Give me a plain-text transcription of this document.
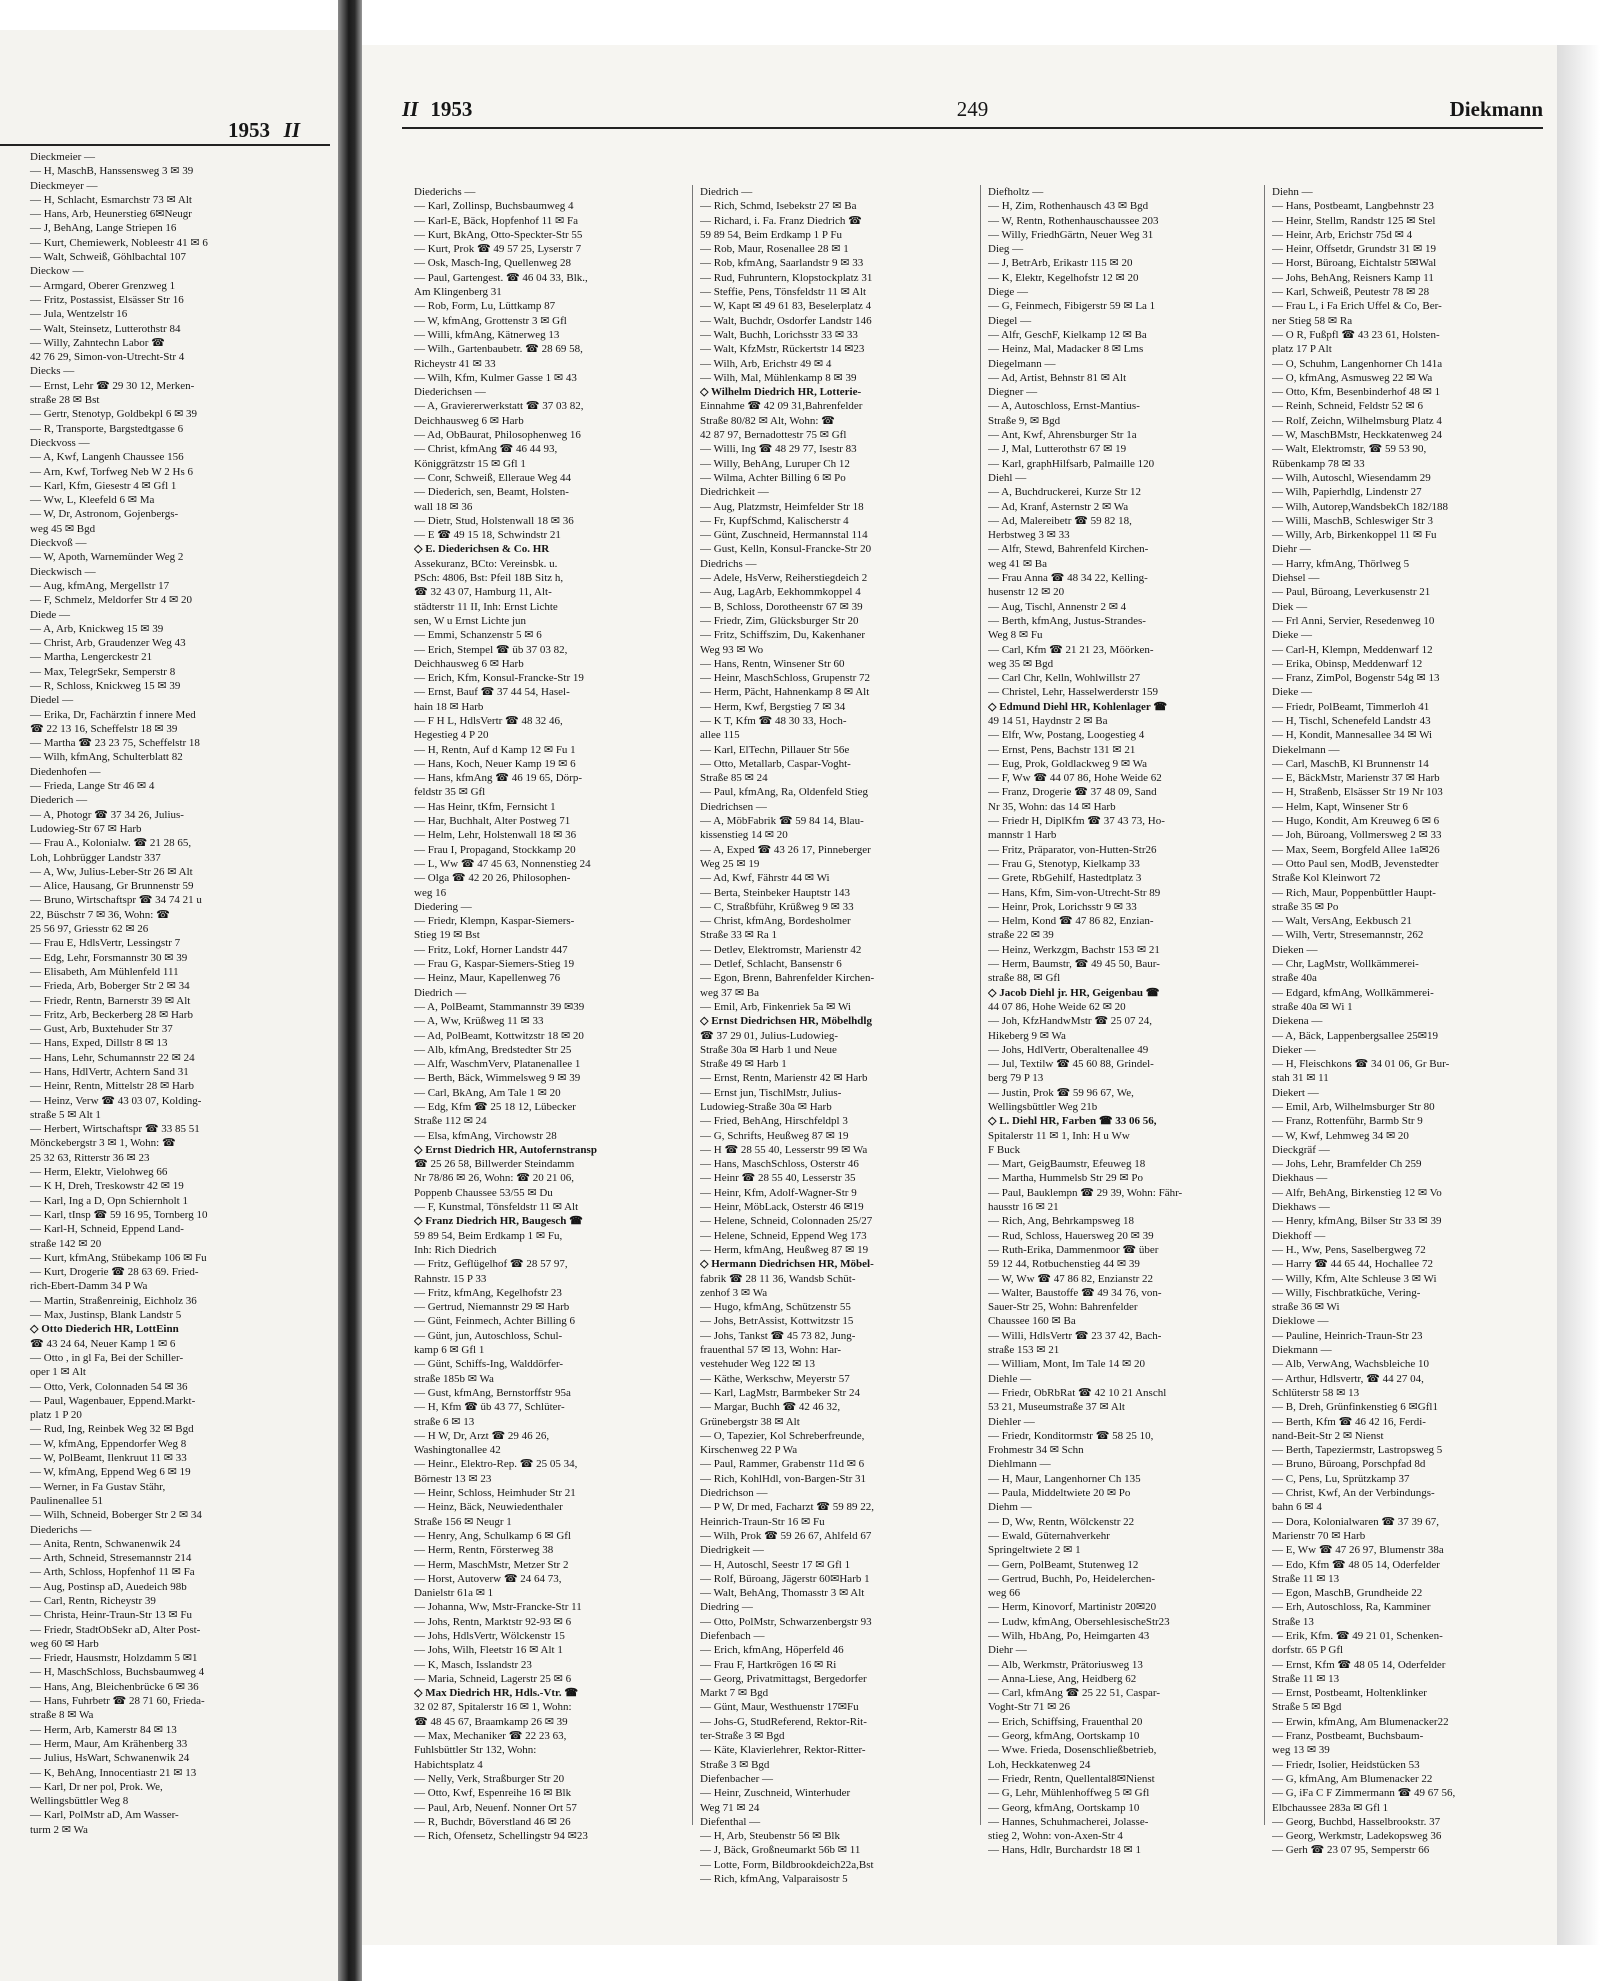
1953 II
Dieckmeier —
— H, MaschB, Hanssensweg 3 ✉ 39
Dieckmeyer —
— H, Schlacht, Esmarchstr 73 ✉ Alt
— Hans, Arb, Heunerstieg 6✉Neugr
— J, BehAng, Lange Striepen 16
— Kurt, Chemiewerk, Nobleestr 41 ✉ 6
— Walt, Schweiß, Göhlbachtal 107
Dieckow —
— Armgard, Oberer Grenzweg 1
— Fritz, Postassist, Elsässer Str 16
— Jula, Wentzelstr 16
— Walt, Steinsetz, Lutterothstr 84
— Willy, Zahntechn Labor ☎
42 76 29, Simon-von-Utrecht-Str 4
Diecks —
— Ernst, Lehr ☎ 29 30 12, Merken-
straße 28 ✉ Bst
— Gertr, Stenotyp, Goldbekpl 6 ✉ 39
— R, Transporte, Bargstedtgasse 6
Dieckvoss —
— A, Kwf, Langenh Chaussee 156
— Arn, Kwf, Torfweg Neb W 2 Hs 6
— Karl, Kfm, Giesestr 4 ✉ Gfl 1
— Ww, L, Kleefeld 6 ✉ Ma
— W, Dr, Astronom, Gojenbergs-
weg 45 ✉ Bgd
Dieckvoß —
— W, Apoth, Warnemünder Weg 2
Dieckwisch —
— Aug, kfmAng, Mergellstr 17
— F, Schmelz, Meldorfer Str 4 ✉ 20
Diede —
— A, Arb, Knickweg 15 ✉ 39
— Christ, Arb, Graudenzer Weg 43
— Martha, Lengerckestr 21
— Max, TelegrSekr, Semperstr 8
— R, Schloss, Knickweg 15 ✉ 39
Diedel —
— Erika, Dr, Fachärztin f innere Med
☎ 22 13 16, Scheffelstr 18 ✉ 39
— Martha ☎ 23 23 75, Scheffelstr 18
— Wilh, kfmAng, Schulterblatt 82
Diedenhofen —
— Frieda, Lange Str 46 ✉ 4
Diederich —
— A, Photogr ☎ 37 34 26, Julius-
Ludowieg-Str 67 ✉ Harb
— Frau A., Kolonialw. ☎ 21 28 65,
Loh, Lohbrügger Landstr 337
— A, Ww, Julius-Leber-Str 26 ✉ Alt
— Alice, Hausang, Gr Brunnenstr 59
— Bruno, Wirtschaftspr ☎ 34 74 21 u
22, Büschstr 7 ✉ 36, Wohn: ☎
25 56 97, Griesstr 62 ✉ 26
— Frau E, HdlsVertr, Lessingstr 7
— Edg, Lehr, Forsmannstr 30 ✉ 39
— Elisabeth, Am Mühlenfeld 111
— Frieda, Arb, Boberger Str 2 ✉ 34
— Friedr, Rentn, Barnerstr 39 ✉ Alt
— Fritz, Arb, Beckerberg 28 ✉ Harb
— Gust, Arb, Buxtehuder Str 37
— Hans, Exped, Dillstr 8 ✉ 13
— Hans, Lehr, Schumannstr 22 ✉ 24
— Hans, HdlVertr, Achtern Sand 31
— Heinr, Rentn, Mittelstr 28 ✉ Harb
— Heinz, Verw ☎ 43 03 07, Kolding-
straße 5 ✉ Alt 1
— Herbert, Wirtschaftspr ☎ 33 85 51
Mönckebergstr 3 ✉ 1, Wohn: ☎
25 32 63, Ritterstr 36 ✉ 23
— Herm, Elektr, Vielohweg 66
— K H, Dreh, Treskowstr 42 ✉ 19
— Karl, Ing a D, Opn Schiernholt 1
— Karl, tInsp ☎ 59 16 95, Tornberg 10
— Karl-H, Schneid, Eppend Land-
straße 142 ✉ 20
— Kurt, kfmAng, Stübekamp 106 ✉ Fu
— Kurt, Drogerie ☎ 28 63 69. Fried-
rich-Ebert-Damm 34 P Wa
— Martin, Straßenreinig, Eichholz 36
— Max, Justinsp, Blank Landstr 5
◇ Otto Diederich HR, LottEinn
☎ 43 24 64, Neuer Kamp 1 ✉ 6
— Otto , in gl Fa, Bei der Schiller-
oper 1 ✉ Alt
— Otto, Verk, Colonnaden 54 ✉ 36
— Paul, Wagenbauer, Eppend.Markt-
platz 1 P 20
— Rud, Ing, Reinbek Weg 32 ✉ Bgd
— W, kfmAng, Eppendorfer Weg 8
— W, PolBeamt, Ilenkruut 11 ✉ 33
— W, kfmAng, Eppend Weg 6 ✉ 19
— Werner, in Fa Gustav Stähr,
Paulinenallee 51
— Wilh, Schneid, Boberger Str 2 ✉ 34
Diederichs —
— Anita, Rentn, Schwanenwik 24
— Arth, Schneid, Stresemannstr 214
— Arth, Schloss, Hopfenhof 11 ✉ Fa
— Aug, Postinsp aD, Auedeich 98b
— Carl, Rentn, Richeystr 39
— Christa, Heinr-Traun-Str 13 ✉ Fu
— Friedr, StadtObSekr aD, Alter Post-
weg 60 ✉ Harb
— Friedr, Hausmstr, Holzdamm 5 ✉1
— H, MaschSchloss, Buchsbaumweg 4
— Hans, Ang, Bleichenbrücke 6 ✉ 36
— Hans, Fuhrbetr ☎ 28 71 60, Frieda-
straße 8 ✉ Wa
— Herm, Arb, Kamerstr 84 ✉ 13
— Herm, Maur, Am Krähenberg 33
— Julius, HsWart, Schwanenwik 24
— K, BehAng, Innocentiastr 21 ✉ 13
— Karl, Dr ner pol, Prok. We,
Wellingsbüttler Weg 8
— Karl, PolMstr aD, Am Wasser-
turm 2 ✉ Wa
II 1953	249	Diekmann
Diederichs —
— Karl, Zollinsp, Buchsbaumweg 4
— Karl-E, Bäck, Hopfenhof 11 ✉ Fa
— Kurt, BkAng, Otto-Speckter-Str 55
— Kurt, Prok ☎ 49 57 25, Lyserstr 7
— Osk, Masch-Ing, Quellenweg 28
— Paul, Gartengest. ☎ 46 04 33, Blk.,
Am Klingenberg 31
— Rob, Form, Lu, Lüttkamp 87
— W, kfmAng, Grottenstr 3 ✉ Gfl
— Willi, kfmAng, Kätnerweg 13
— Wilh., Gartenbaubetr. ☎ 28 69 58,
Richeystr 41 ✉ 33
— Wilh, Kfm, Kulmer Gasse 1 ✉ 43
Diederichsen —
— A, Graviererwerkstatt ☎ 37 03 82,
Deichhausweg 6 ✉ Harb
— Ad, ObBaurat, Philosophenweg 16
— Christ, kfmAng ☎ 46 44 93,
Königgrätzstr 15 ✉ Gfl 1
— Conr, Schweiß, Elleraue Weg 44
— Diederich, sen, Beamt, Holsten-
wall 18 ✉ 36
— Dietr, Stud, Holstenwall 18 ✉ 36
— E ☎ 49 15 18, Schwindstr 21
◇ E. Diederichsen & Co. HR
Assekuranz, BCto: Vereinsbk. u.
PSch: 4806, Bst: Pfeil 18B Sitz h,
☎ 32 43 07, Hamburg 11, Alt-
städterstr 11 II, Inh: Ernst Lichte
sen, W u Ernst Lichte jun
— Emmi, Schanzenstr 5 ✉ 6
— Erich, Stempel ☎ üb 37 03 82,
Deichhausweg 6 ✉ Harb
— Erich, Kfm, Konsul-Francke-Str 19
— Ernst, Bauf ☎ 37 44 54, Hasel-
hain 18 ✉ Harb
— F H L, HdlsVertr ☎ 48 32 46,
Hegestieg 4 P 20
— H, Rentn, Auf d Kamp 12 ✉ Fu 1
— Hans, Koch, Neuer Kamp 19 ✉ 6
— Hans, kfmAng ☎ 46 19 65, Dörp-
feldstr 35 ✉ Gfl
— Has Heinr, tKfm, Fernsicht 1
— Har, Buchhalt, Alter Postweg 71
— Helm, Lehr, Holstenwall 18 ✉ 36
— Frau I, Propagand, Stockkamp 20
— L, Ww ☎ 47 45 63, Nonnenstieg 24
— Olga ☎ 42 20 26, Philosophen-
weg 16
Diedering —
— Friedr, Klempn, Kaspar-Siemers-
Stieg 19 ✉ Bst
— Fritz, Lokf, Horner Landstr 447
— Frau G, Kaspar-Siemers-Stieg 19
— Heinz, Maur, Kapellenweg 76
Diedrich —
— A, PolBeamt, Stammannstr 39 ✉39
— A, Ww, Krüßweg 11 ✉ 33
— Ad, PolBeamt, Kottwitzstr 18 ✉ 20
— Alb, kfmAng, Bredstedter Str 25
— Alfr, WaschmVerv, Platanenallee 1
— Berth, Bäck, Wimmelsweg 9 ✉ 39
— Carl, BkAng, Am Tale 1 ✉ 20
— Edg, Kfm ☎ 25 18 12, Lübecker
Straße 112 ✉ 24
— Elsa, kfmAng, Virchowstr 28
◇ Ernst Diedrich HR, Autofernstransp
☎ 25 26 58, Billwerder Steindamm
Nr 78/86 ✉ 26, Wohn: ☎ 20 21 06,
Poppenb Chaussee 53/55 ✉ Du
— F, Kunstmal, Tönsfeldstr 11 ✉ Alt
◇ Franz Diedrich HR, Baugesch ☎
59 89 54, Beim Erdkamp 1 ✉ Fu,
Inh: Rich Diedrich
— Fritz, Geflügelhof ☎ 28 57 97,
Rahnstr. 15 P 33
— Fritz, kfmAng, Kegelhofstr 23
— Gertrud, Niemannstr 29 ✉ Harb
— Günt, Feinmech, Achter Billing 6
— Günt, jun, Autoschloss, Schul-
kamp 6 ✉ Gfl 1
— Günt, Schiffs-Ing, Walddörfer-
straße 185b ✉ Wa
— Gust, kfmAng, Bernstorffstr 95a
— H, Kfm ☎ üb 43 77, Schlüter-
straße 6 ✉ 13
— H W, Dr, Arzt ☎ 29 46 26,
Washingtonallee 42
— Heinr., Elektro-Rep. ☎ 25 05 34,
Börnestr 13 ✉ 23
— Heinr, Schloss, Heimhuder Str 21
— Heinz, Bäck, Neuwiedenthaler
Straße 156 ✉ Neugr 1
— Henry, Ang, Schulkamp 6 ✉ Gfl
— Herm, Rentn, Försterweg 38
— Herm, MaschMstr, Metzer Str 2
— Horst, Autoverw ☎ 24 64 73,
Danielstr 61a ✉ 1
— Johanna, Ww, Mstr-Francke-Str 11
— Johs, Rentn, Marktstr 92-93 ✉ 6
— Johs, HdlsVertr, Wölckenstr 15
— Johs, Wilh, Fleetstr 16 ✉ Alt 1
— K, Masch, Isslandstr 23
— Maria, Schneid, Lagerstr 25 ✉ 6
◇ Max Diedrich HR, Hdls.-Vtr. ☎
32 02 87, Spitalerstr 16 ✉ 1, Wohn:
☎ 48 45 67, Braamkamp 26 ✉ 39
— Max, Mechaniker ☎ 22 23 63,
Fuhlsbüttler Str 132, Wohn:
Habichtsplatz 4
— Nelly, Verk, Straßburger Str 20
— Otto, Kwf, Espenreihe 16 ✉ Blk
— Paul, Arb, Neuenf. Nonner Ort 57
— R, Buchdr, Böverstland 46 ✉ 26
— Rich, Ofensetz, Schellingstr 94 ✉23
Diedrich —
— Rich, Schmd, Isebekstr 27 ✉ Ba
— Richard, i. Fa. Franz Diedrich ☎
59 89 54, Beim Erdkamp 1 P Fu
— Rob, Maur, Rosenallee 28 ✉ 1
— Rob, kfmAng, Saarlandstr 9 ✉ 33
— Rud, Fuhruntern, Klopstockplatz 31
— Steffie, Pens, Tönsfeldstr 11 ✉ Alt
— W, Kapt ✉ 49 61 83, Beselerplatz 4
— Walt, Buchdr, Osdorfer Landstr 146
— Walt, Buchh, Lorichsstr 33 ✉ 33
— Walt, KfzMstr, Rückertstr 14 ✉23
— Wilh, Arb, Erichstr 49 ✉ 4
— Wilh, Mal, Mühlenkamp 8 ✉ 39
◇ Wilhelm Diedrich HR, Lotterie-
Einnahme ☎ 42 09 31,Bahrenfelder
Straße 80/82 ✉ Alt, Wohn: ☎
42 87 97, Bernadottestr 75 ✉ Gfl
— Willi, Ing ☎ 48 29 77, Isestr 83
— Willy, BehAng, Luruper Ch 12
— Wilma, Achter Billing 6 ✉ Po
Diedrichkeit —
— Aug, Platzmstr, Heimfelder Str 18
— Fr, KupfSchmd, Kalischerstr 4
— Günt, Zuschneid, Hermannstal 114
— Gust, Kelln, Konsul-Francke-Str 20
Diedrichs —
— Adele, HsVerw, Reiherstiegdeich 2
— Aug, LagArb, Eekhommkoppel 4
— B, Schloss, Dorotheenstr 67 ✉ 39
— Friedr, Zim, Glücksburger Str 20
— Fritz, Schiffszim, Du, Kakenhaner
Weg 93 ✉ Wo
— Hans, Rentn, Winsener Str 60
— Heinr, MaschSchloss, Grupenstr 72
— Herm, Pächt, Hahnenkamp 8 ✉ Alt
— Herm, Kwf, Bergstieg 7 ✉ 34
— K T, Kfm ☎ 48 30 33, Hoch-
allee 115
— Karl, ElTechn, Pillauer Str 56e
— Otto, Metallarb, Caspar-Voght-
Straße 85 ✉ 24
— Paul, kfmAng, Ra, Oldenfeld Stieg
Diedrichsen —
— A, MöbFabrik ☎ 59 84 14, Blau-
kissenstieg 14 ✉ 20
— A, Exped ☎ 43 26 17, Pinneberger
Weg 25 ✉ 19
— Ad, Kwf, Fährstr 44 ✉ Wi
— Berta, Steinbeker Hauptstr 143
— C, Straßbführ, Krüßweg 9 ✉ 33
— Christ, kfmAng, Bordesholmer
Straße 33 ✉ Ra 1
— Detlev, Elektromstr, Marienstr 42
— Detlef, Schlacht, Bansenstr 6
— Egon, Brenn, Bahrenfelder Kirchen-
weg 37 ✉ Ba
— Emil, Arb, Finkenriek 5a ✉ Wi
◇ Ernst Diedrichsen HR, Möbelhdlg
☎ 37 29 01, Julius-Ludowieg-
Straße 30a ✉ Harb 1 und Neue
Straße 49 ✉ Harb 1
— Ernst, Rentn, Marienstr 42 ✉ Harb
— Ernst jun, TischlMstr, Julius-
Ludowieg-Straße 30a ✉ Harb
— Fried, BehAng, Hirschfeldpl 3
— G, Schrifts, Heußweg 87 ✉ 19
— H ☎ 28 55 40, Lesserstr 99 ✉ Wa
— Hans, MaschSchloss, Osterstr 46
— Heinr ☎ 28 55 40, Lesserstr 35
— Heinr, Kfm, Adolf-Wagner-Str 9
— Heinr, MöbLack, Osterstr 46 ✉19
— Helene, Schneid, Colonnaden 25/27
— Helene, Schneid, Eppend Weg 173
— Herm, kfmAng, Heußweg 87 ✉ 19
◇ Hermann Diedrichsen HR, Möbel-
fabrik ☎ 28 11 36, Wandsb Schüt-
zenhof 3 ✉ Wa
— Hugo, kfmAng, Schützenstr 55
— Johs, BetrAssist, Kottwitzstr 15
— Johs, Tankst ☎ 45 73 82, Jung-
frauenthal 57 ✉ 13, Wohn: Har-
vestehuder Weg 122 ✉ 13
— Käthe, Werkschw, Meyerstr 57
— Karl, LagMstr, Barmbeker Str 24
— Margar, Buchh ☎ 42 46 32,
Grünebergstr 38 ✉ Alt
— O, Tapezier, Kol Schreberfreunde,
Kirschenweg 22 P Wa
— Paul, Rammer, Grabenstr 11d ✉ 6
— Rich, KohlHdl, von-Bargen-Str 31
Diedrichson —
— P W, Dr med, Facharzt ☎ 59 89 22,
Heinrich-Traun-Str 16 ✉ Fu
— Wilh, Prok ☎ 59 26 67, Ahlfeld 67
Diedrigkeit —
— H, Autoschl, Seestr 17 ✉ Gfl 1
— Rolf, Büroang, Jägerstr 60✉Harb 1
— Walt, BehAng, Thomasstr 3 ✉ Alt
Diedring —
— Otto, PolMstr, Schwarzenbergstr 93
Diefenbach —
— Erich, kfmAng, Höperfeld 46
— Frau F, Hartkrögen 16 ✉ Ri
— Georg, Privatmittagst, Bergedorfer
Markt 7 ✉ Bgd
— Günt, Maur, Westhuenstr 17✉Fu
— Johs-G, StudReferend, Rektor-Rit-
ter-Straße 3 ✉ Bgd
— Käte, Klavierlehrer, Rektor-Ritter-
Straße 3 ✉ Bgd
Diefenbacher —
— Heinr, Zuschneid, Winterhuder
Weg 71 ✉ 24
Diefenthal —
— H, Arb, Steubenstr 56 ✉ Blk
— J, Bäck, Großneumarkt 56b ✉ 11
— Lotte, Form, Bildbrookdeich22a,Bst
— Rich, kfmAng, Valparaisostr 5
Diefholtz —
— H, Zim, Rothenhausch 43 ✉ Bgd
— W, Rentn, Rothenhauschaussee 203
— Willy, FriedhGärtn, Neuer Weg 31
Dieg —
— J, BetrArb, Erikastr 115 ✉ 20
— K, Elektr, Kegelhofstr 12 ✉ 20
Diege —
— G, Feinmech, Fibigerstr 59 ✉ La 1
Diegel —
— Alfr, GeschF, Kielkamp 12 ✉ Ba
— Heinz, Mal, Madacker 8 ✉ Lms
Diegelmann —
— Ad, Artist, Behnstr 81 ✉ Alt
Diegner —
— A, Autoschloss, Ernst-Mantius-
Straße 9, ✉ Bgd
— Ant, Kwf, Ahrensburger Str 1a
— J, Mal, Lutterothstr 67 ✉ 19
— Karl, graphHilfsarb, Palmaille 120
Diehl —
— A, Buchdruckerei, Kurze Str 12
— Ad, Kranf, Asternstr 2 ✉ Wa
— Ad, Malereibetr ☎ 59 82 18,
Herbstweg 3 ✉ 33
— Alfr, Stewd, Bahrenfeld Kirchen-
weg 41 ✉ Ba
— Frau Anna ☎ 48 34 22, Kelling-
husenstr 12 ✉ 20
— Aug, Tischl, Annenstr 2 ✉ 4
— Berth, kfmAng, Justus-Strandes-
Weg 8 ✉ Fu
— Carl, Kfm ☎ 21 21 23, Möörken-
weg 35 ✉ Bgd
— Carl Chr, Kelln, Wohlwillstr 27
— Christel, Lehr, Hasselwerderstr 159
◇ Edmund Diehl HR, Kohlenlager ☎
49 14 51, Haydnstr 2 ✉ Ba
— Elfr, Ww, Postang, Loogestieg 4
— Ernst, Pens, Bachstr 131 ✉ 21
— Eug, Prok, Goldlackweg 9 ✉ Wa
— F, Ww ☎ 44 07 86, Hohe Weide 62
— Franz, Drogerie ☎ 37 48 09, Sand
Nr 35, Wohn: das 14 ✉ Harb
— Friedr H, DiplKfm ☎ 37 43 73, Ho-
mannstr 1 Harb
— Fritz, Präparator, von-Hutten-Str26
— Frau G, Stenotyp, Kielkamp 33
— Grete, RbGehilf, Hastedtplatz 3
— Hans, Kfm, Sim-von-Utrecht-Str 89
— Heinr, Prok, Lorichsstr 9 ✉ 33
— Helm, Kond ☎ 47 86 82, Enzian-
straße 22 ✉ 39
— Heinz, Werkzgm, Bachstr 153 ✉ 21
— Herm, Baumstr, ☎ 49 45 50, Baur-
straße 88, ✉ Gfl
◇ Jacob Diehl jr. HR, Geigenbau ☎
44 07 86, Hohe Weide 62 ✉ 20
— Joh, KfzHandwMstr ☎ 25 07 24,
Hikeberg 9 ✉ Wa
— Johs, HdlVertr, Oberaltenallee 49
— Jul, Textilw ☎ 45 60 88, Grindel-
berg 79 P 13
— Justin, Prok ☎ 59 96 67, We,
Wellingsbüttler Weg 21b
◇ L. Diehl HR, Farben ☎ 33 06 56,
Spitalerstr 11 ✉ 1, Inh: H u Ww
F Buck
— Mart, GeigBaumstr, Efeuweg 18
— Martha, Hummelsb Str 29 ✉ Po
— Paul, Bauklempn ☎ 29 39, Wohn: Fähr-
hausstr 16 ✉ 21
— Rich, Ang, Behrkampsweg 18
— Rud, Schloss, Hauersweg 20 ✉ 39
— Ruth-Erika, Dammenmoor ☎ über
59 12 44, Rotbuchenstieg 44 ✉ 39
— W, Ww ☎ 47 86 82, Enzianstr 22
— Walter, Baustoffe ☎ 49 34 76, von-
Sauer-Str 25, Wohn: Bahrenfelder
Chaussee 160 ✉ Ba
— Willi, HdlsVertr ☎ 23 37 42, Bach-
straße 153 ✉ 21
— William, Mont, Im Tale 14 ✉ 20
Diehle —
— Friedr, ObRbRat ☎ 42 10 21 Anschl
53 21, Museumstraße 37 ✉ Alt
Diehler —
— Friedr, Konditormstr ☎ 58 25 10,
Frohmestr 34 ✉ Schn
Diehlmann —
— H, Maur, Langenhorner Ch 135
— Paula, Middeltwiete 20 ✉ Po
Diehm —
— D, Ww, Rentn, Wölckenstr 22
— Ewald, Güternahverkehr
Springeltwiete 2 ✉ 1
— Gern, PolBeamt, Stutenweg 12
— Gertrud, Buchh, Po, Heidelerchen-
weg 66
— Herm, Kinovorf, Martinistr 20✉20
— Ludw, kfmAng, ObersehlesischeStr23
— Wilh, HbAng, Po, Heimgarten 43
Diehr —
— Alb, Werkmstr, Prätoriusweg 13
— Anna-Liese, Ang, Heidberg 62
— Carl, kfmAng ☎ 25 22 51, Caspar-
Voght-Str 71 ✉ 26
— Erich, Schiffsing, Frauenthal 20
— Georg, kfmAng, Oortskamp 10
— Wwe. Frieda, Dosenschließbetrieb,
Loh, Heckkatenweg 24
— Friedr, Rentn, Quellental8✉Nienst
— G, Lehr, Mühlenhoffweg 5 ✉ Gfl
— Georg, kfmAng, Oortskamp 10
— Hannes, Schuhmacherei, Jolasse-
stieg 2, Wohn: von-Axen-Str 4
— Hans, Hdlr, Burchardstr 18 ✉ 1
Diehn —
— Hans, Postbeamt, Langbehnstr 23
— Heinr, Stellm, Randstr 125 ✉ Stel
— Heinr, Arb, Erichstr 75d ✉ 4
— Heinr, Offsetdr, Grundstr 31 ✉ 19
— Horst, Büroang, Eichtalstr 5✉Wal
— Johs, BehAng, Reisners Kamp 11
— Karl, Schweiß, Peutestr 78 ✉ 28
— Frau L, i Fa Erich Uffel & Co, Ber-
ner Stieg 58 ✉ Ra
— O R, Fußpfl ☎ 43 23 61, Holsten-
platz 17 P Alt
— O, Schuhm, Langenhorner Ch 141a
— O, kfmAng, Asmusweg 22 ✉ Wa
— Otto, Kfm, Besenbinderhof 48 ✉ 1
— Reinh, Schneid, Feldstr 52 ✉ 6
— Rolf, Zeichn, Wilhelmsburg Platz 4
— W, MaschBMstr, Heckkatenweg 24
— Walt, Elektromstr, ☎ 59 53 90,
Rübenkamp 78 ✉ 33
— Wilh, Autoschl, Wiesendamm 29
— Wilh, Papierhdlg, Lindenstr 27
— Wilh, Autorep,WandsbekCh 182/188
— Willi, MaschB, Schleswiger Str 3
— Willy, Arb, Birkenkoppel 11 ✉ Fu
Diehr —
— Harry, kfmAng, Thörlweg 5
Diehsel —
— Paul, Büroang, Leverkusenstr 21
Diek —
— Frl Anni, Servier, Resedenweg 10
Dieke —
— Carl-H, Klempn, Meddenwarf 12
— Erika, Obinsp, Meddenwarf 12
— Franz, ZimPol, Bogenstr 54g ✉ 13
Dieke —
— Friedr, PolBeamt, Timmerloh 41
— H, Tischl, Schenefeld Landstr 43
— H, Kondit, Mannesallee 34 ✉ Wi
Diekelmann —
— Carl, MaschB, Kl Brunnenstr 14
— E, BäckMstr, Marienstr 37 ✉ Harb
— H, Straßenb, Elsässer Str 19 Nr 103
— Helm, Kapt, Winsener Str 6
— Hugo, Kondit, Am Kreuweg 6 ✉ 6
— Joh, Büroang, Vollmersweg 2 ✉ 33
— Max, Seem, Borgfeld Allee 1a✉26
— Otto Paul sen, ModB, Jevenstedter
Straße Kol Kleinwort 72
— Rich, Maur, Poppenbüttler Haupt-
straße 35 ✉ Po
— Walt, VersAng, Eekbusch 21
— Wilh, Vertr, Stresemannstr, 262
Dieken —
— Chr, LagMstr, Wollkämmerei-
straße 40a
— Edgard, kfmAng, Wollkämmerei-
straße 40a ✉ Wi 1
Diekena —
— A, Bäck, Lappenbergsallee 25✉19
Dieker —
— H, Fleischkons ☎ 34 01 06, Gr Bur-
stah 31 ✉ 11
Diekert —
— Emil, Arb, Wilhelmsburger Str 80
— Franz, Rottenführ, Barmb Str 9
— W, Kwf, Lehmweg 34 ✉ 20
Dieckgräf —
— Johs, Lehr, Bramfelder Ch 259
Diekhaus —
— Alfr, BehAng, Birkenstieg 12 ✉ Vo
Diekhaws —
— Henry, kfmAng, Bilser Str 33 ✉ 39
Diekhoff —
— H., Ww, Pens, Saselbergweg 72
— Harry ☎ 44 65 44, Hochallee 72
— Willy, Kfm, Alte Schleuse 3 ✉ Wi
— Willy, Fischbratküche, Vering-
straße 36 ✉ Wi
Dieklowe —
— Pauline, Heinrich-Traun-Str 23
Diekmann —
— Alb, VerwAng, Wachsbleiche 10
— Arthur, Hdlsvertr, ☎ 44 27 04,
Schlüterstr 58 ✉ 13
— B, Dreh, Grünfinkenstieg 6 ✉Gfl1
— Berth, Kfm ☎ 46 42 16, Ferdi-
nand-Beit-Str 2 ✉ Nienst
— Berth, Tapeziermstr, Lastropsweg 5
— Bruno, Büroang, Porschpfad 8d
— C, Pens, Lu, Sprützkamp 37
— Christ, Kwf, An der Verbindungs-
bahn 6 ✉ 4
— Dora, Kolonialwaren ☎ 37 39 67,
Marienstr 70 ✉ Harb
— E, Ww ☎ 47 26 97, Blumenstr 38a
— Edo, Kfm ☎ 48 05 14, Oderfelder
Straße 11 ✉ 13
— Egon, MaschB, Grundheide 22
— Erh, Autoschloss, Ra, Kamminer
Straße 13
— Erik, Kfm. ☎ 49 21 01, Schenken-
dorfstr. 65 P Gfl
— Ernst, Kfm ☎ 48 05 14, Oderfelder
Straße 11 ✉ 13
— Ernst, Postbeamt, Holtenklinker
Straße 5 ✉ Bgd
— Erwin, kfmAng, Am Blumenacker22
— Franz, Postbeamt, Buchsbaum-
weg 13 ✉ 39
— Friedr, Isolier, Heidstücken 53
— G, kfmAng, Am Blumenacker 22
— G, iFa C F Zimmermann ☎ 49 67 56,
Elbchaussee 283a ✉ Gfl 1
— Georg, Buchbd, Hasselbrookstr. 37
— Georg, Werkmstr, Ladekopsweg 36
— Gerh ☎ 23 07 95, Semperstr 66
